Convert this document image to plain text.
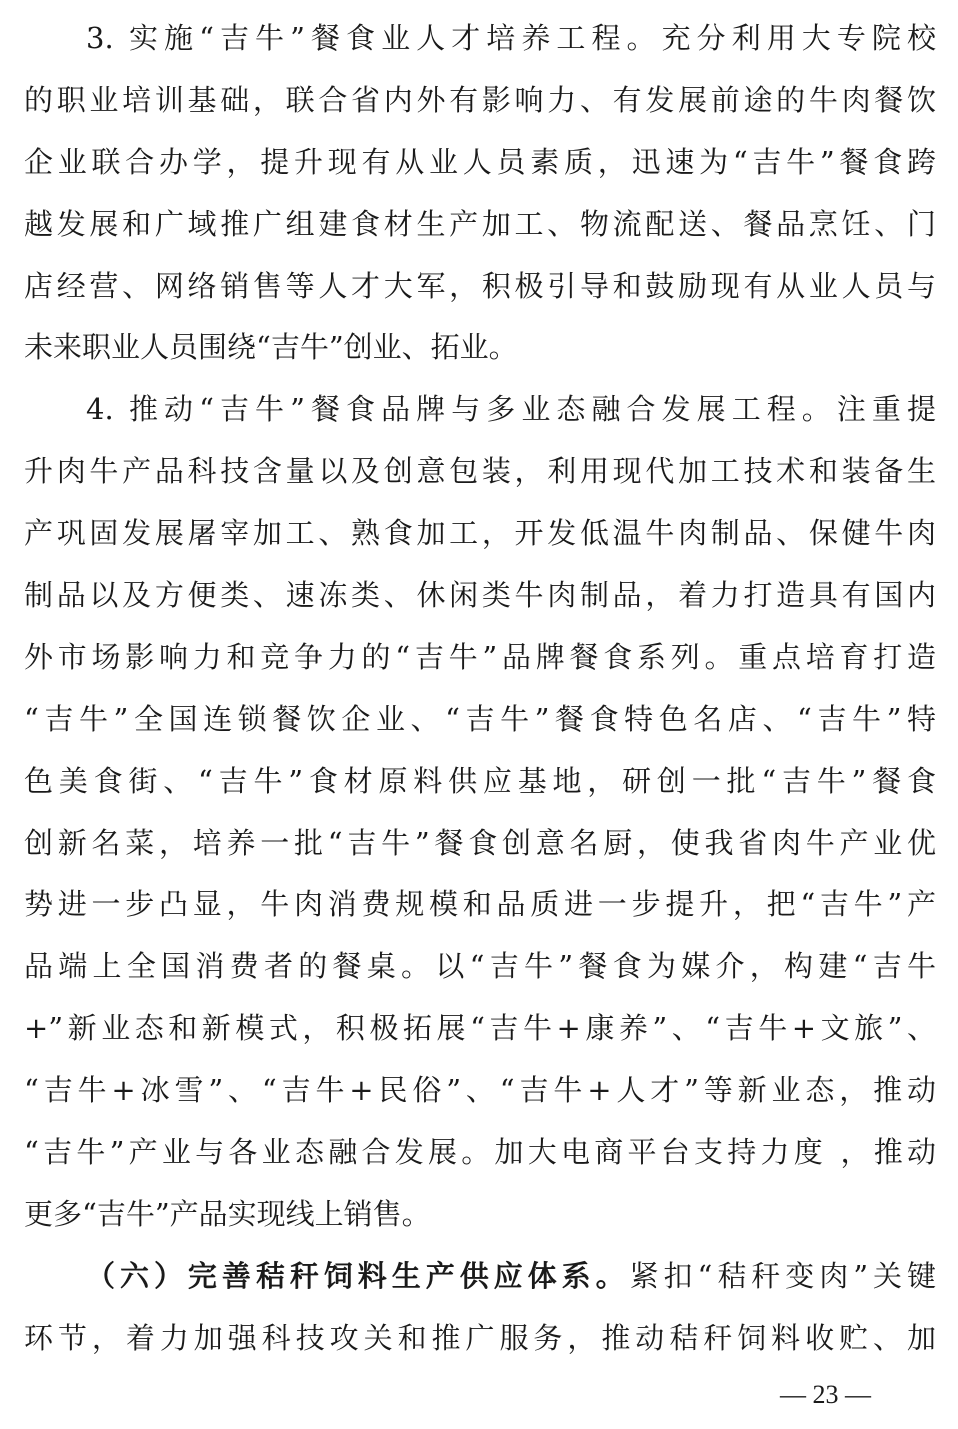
3. 实施“吉牛”餐食业人才培养工程。充分利用大专院校
的职业培训基础，联合省内外有影响力、有发展前途的牛肉餐饮
企业联合办学，提升现有从业人员素质，迅速为“吉牛”餐食跨
越发展和广域推广组建食材生产加工、物流配送、餐品烹饪、门
店经营、网络销售等人才大军，积极引导和鼓励现有从业人员与
未来职业人员围绕“吉牛”创业、拓业。
4. 推动“吉牛”餐食品牌与多业态融合发展工程。注重提
升肉牛产品科技含量以及创意包装，利用现代加工技术和装备生
产巩固发展屠宰加工、熟食加工，开发低温牛肉制品、保健牛肉
制品以及方便类、速冻类、休闲类牛肉制品，着力打造具有国内
外市场影响力和竞争力的“吉牛”品牌餐食系列。重点培育打造
“吉牛”全国连锁餐饮企业、“吉牛”餐食特色名店、“吉牛”特
色美食街、“吉牛”食材原料供应基地，研创一批“吉牛”餐食
创新名菜，培养一批“吉牛”餐食创意名厨，使我省肉牛产业优
势进一步凸显，牛肉消费规模和品质进一步提升，把“吉牛”产
品端上全国消费者的餐桌。以“吉牛”餐食为媒介，构建“吉牛
+”新业态和新模式，积极拓展“吉牛+康养”、“吉牛+文旅”、
“吉牛+冰雪”、“吉牛+民俗”、“吉牛+人才”等新业态，推动
“吉牛”产业与各业态融合发展。加大电商平台支持力度 ，推动
更多“吉牛”产品实现线上销售。
（六）完善秸秆饲料生产供应体系。紧扣“秸秆变肉”关键
环节，着力加强科技攻关和推广服务，推动秸秆饲料收贮、加
— 23 —
